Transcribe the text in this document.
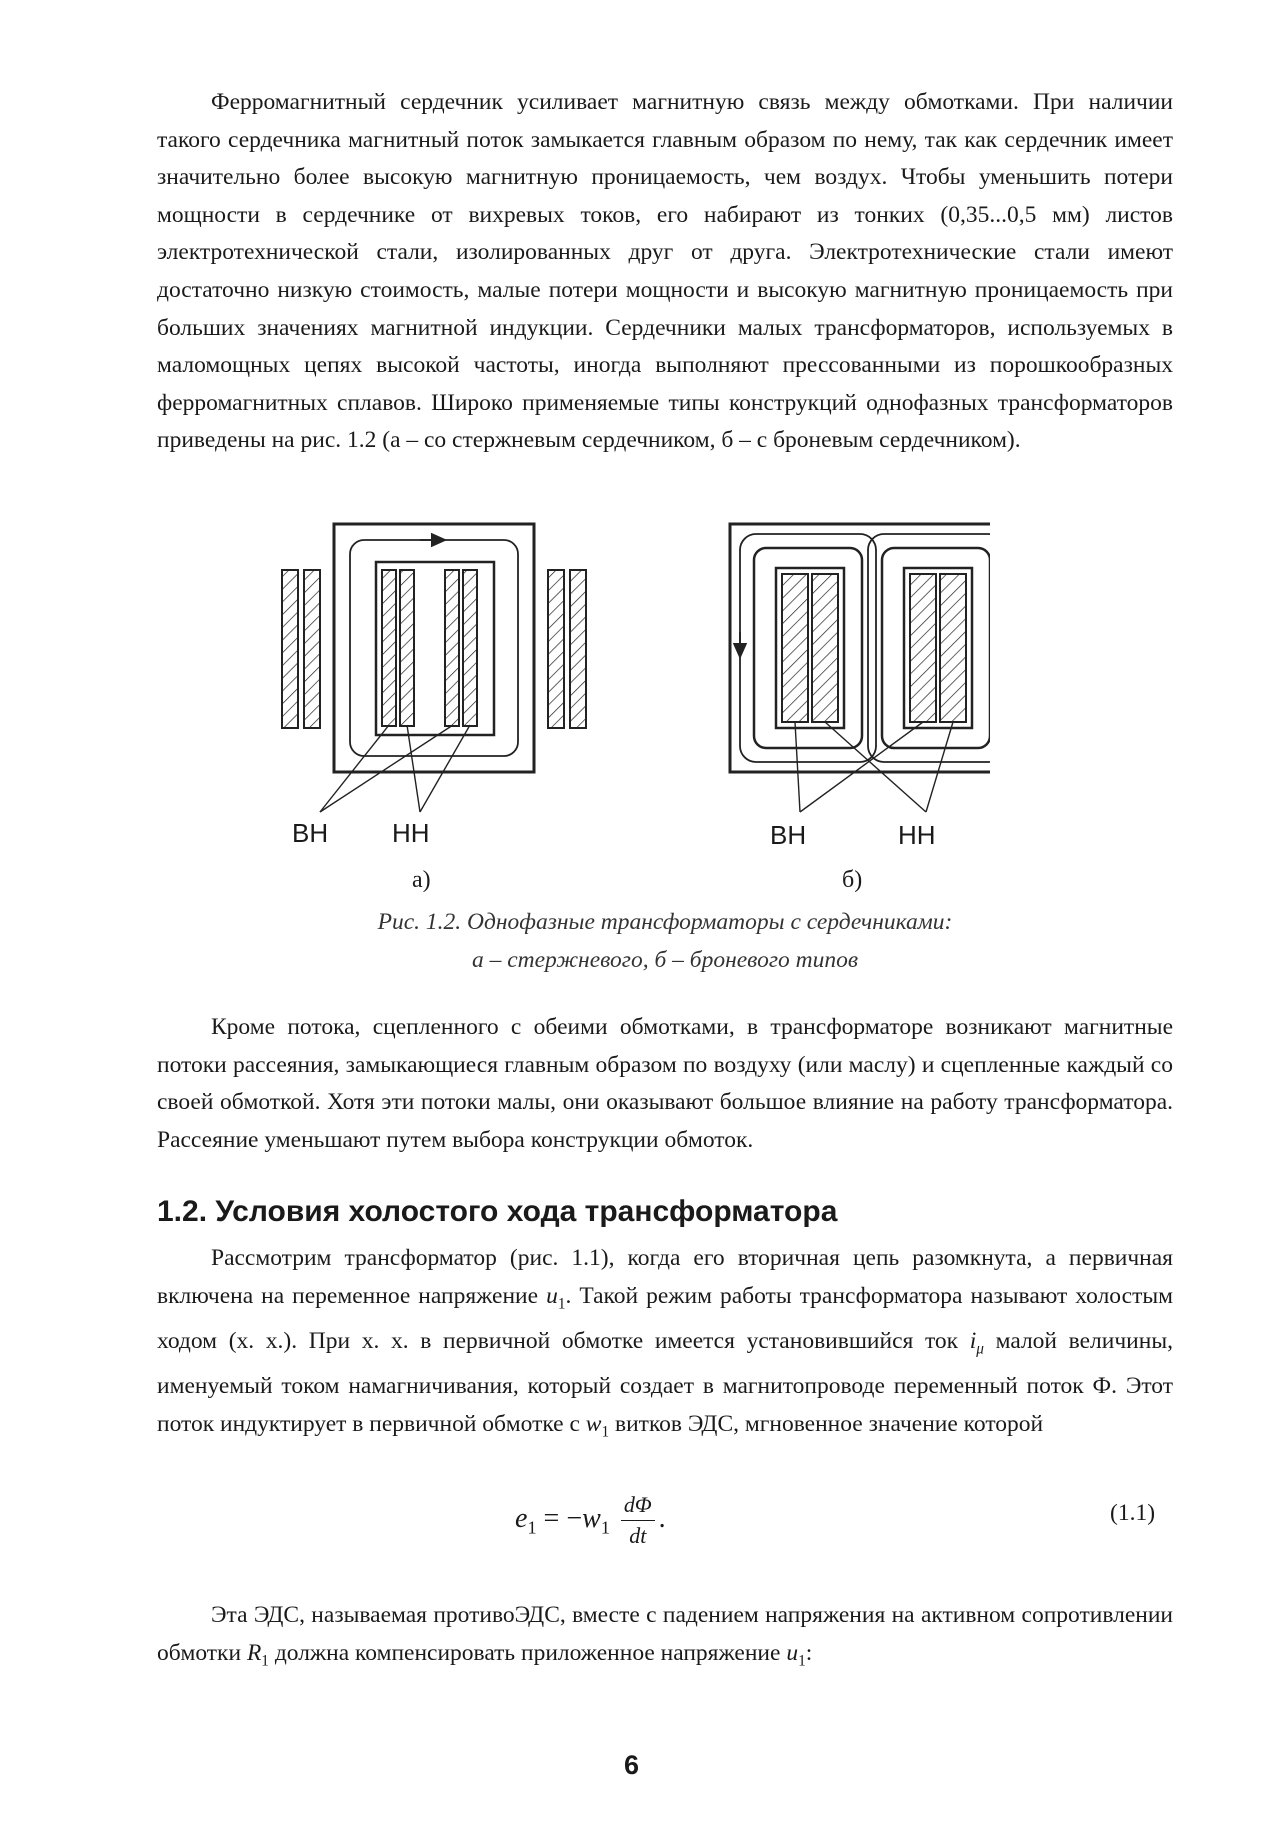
Ферромагнитный сердечник усиливает магнитную связь между обмотками. При наличии такого сердечника магнитный поток замыкается главным образом по нему, так как сердечник имеет значительно более высокую магнитную проницаемость, чем воздух. Чтобы уменьшить потери мощности в сердечнике от вихревых токов, его набирают из тонких (0,35...0,5 мм) листов электротехнической стали, изолированных друг от друга. Электротехнические стали имеют достаточно низкую стоимость, малые потери мощности и высокую магнитную проницаемость при больших значениях магнитной индукции. Сердечники малых трансформаторов, используемых в маломощных цепях высокой частоты, иногда выполняют прессованными из порошкообразных ферромагнитных сплавов. Широко применяемые типы конструкций однофазных трансформаторов приведены на рис. 1.2 (а – со стержневым сердечником, б – с броневым сердечником).

ВН НН
а)
ВН	НН
б)
Рис. 1.2. Однофазные трансформаторы с сердечниками:
а – стержневого, б – броневого типов

Кроме потока, сцепленного с обеими обмотками, в трансформаторе возникают магнитные потоки рассеяния, замыкающиеся главным образом по воздуху (или маслу) и сцепленные каждый со своей обмоткой. Хотя эти потоки малы, они оказывают большое влияние на работу трансформатора. Рассеяние уменьшают путем выбора конструкции обмоток.

1.2. Условия холостого хода трансформатора

Рассмотрим трансформатор (рис. 1.1), когда его вторичная цепь разомкнута, а первичная включена на переменное напряжение $u_1$. Такой режим работы трансформатора называют холостым ходом (х. х.). При х. х. в первичной обмотке имеется установившийся ток $i_\mu$ малой величины, именуемый током намагничивания, который создает в магнитопроводе переменный поток Ф. Этот поток индуктирует в первичной обмотке с $w_1$ витков ЭДС, мгновенное значение которой

$e_1 = -w_1 \frac{d\Phi}{dt}$ .	(1.1)

Эта ЭДС, называемая противоЭДС, вместе с падением напряжения на активном сопротивлении обмотки $R_1$ должна компенсировать приложенное напряжение $u_1$:

6
